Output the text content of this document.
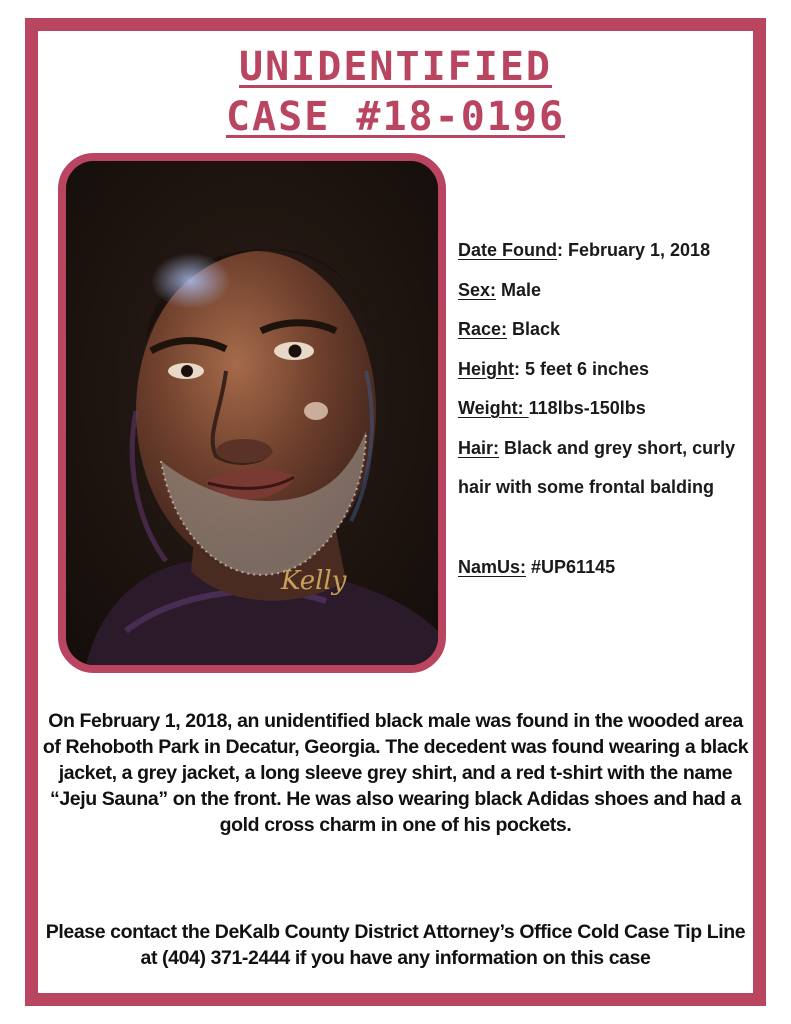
UNIDENTIFIED
CASE #18-0196
Kelly
Date Found: February 1, 2018
Sex: Male
Race: Black
Height: 5 feet 6 inches
Weight: 118lbs-150lbs
Hair: Black and grey short, curly hair with some frontal balding
NamUs: #UP61145
On February 1, 2018, an unidentified black male was found in the wooded area of Rehoboth Park in Decatur, Georgia. The decedent was found wearing a black jacket, a grey jacket, a long sleeve grey shirt, and a red t-shirt with the name “Jeju Sauna” on the front. He was also wearing black Adidas shoes and had a gold cross charm in one of his pockets.
Please contact the DeKalb County District Attorney’s Office Cold Case Tip Line at (404) 371-2444 if you have any information on this case
